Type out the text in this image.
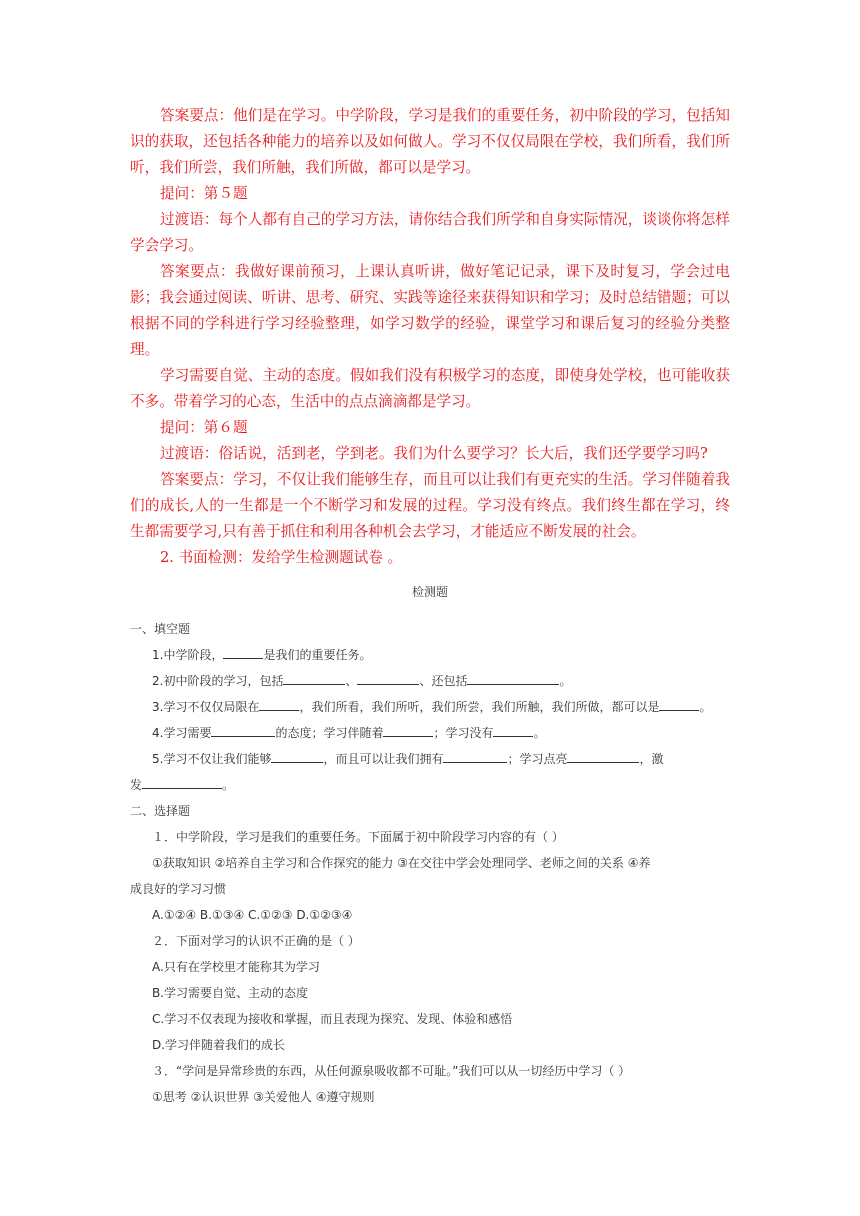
答案要点：他们是在学习。中学阶段，学习是我们的重要任务，初中阶段的学习，包括知识的获取，还包括各种能力的培养以及如何做人。学习不仅仅局限在学校，我们所看，我们所听，我们所尝，我们所触，我们所做，都可以是学习。

提问：第５题

过渡语：每个人都有自己的学习方法，请你结合我们所学和自身实际情况，谈谈你将怎样学会学习。

答案要点：我做好课前预习，上课认真听讲，做好笔记记录，课下及时复习，学会过电影；我会通过阅读、听讲、思考、研究、实践等途径来获得知识和学习；及时总结错题；可以根据不同的学科进行学习经验整理，如学习数学的经验，课堂学习和课后复习的经验分类整理。

学习需要自觉、主动的态度。假如我们没有积极学习的态度，即使身处学校，也可能收获不多。带着学习的心态，生活中的点点滴滴都是学习。

提问：第６题

过渡语：俗话说，活到老，学到老。我们为什么要学习？长大后，我们还学要学习吗?

答案要点：学习，不仅让我们能够生存，而且可以让我们有更充实的生活。学习伴随着我们的成长,人的一生都是一个不断学习和发展的过程。学习没有终点。我们终生都在学习，终生都需要学习,只有善于抓住和利用各种机会去学习，才能适应不断发展的社会。

2. 书面检测：发给学生检测题试卷 。

检测题

一、填空题

1.中学阶段，	是我们的重要任务。

2.初中阶段的学习，包括	、	、还包括	。

3.学习不仅仅局限在	，我们所看，我们所听，我们所尝，我们所触，我们所做，都可以是	。

4.学习需要	的态度；学习伴随着	；学习没有	。

5.学习不仅让我们能够	，而且可以让我们拥有	；学习点亮	，激

发	。

二、选择题

１．中学阶段，学习是我们的重要任务。下面属于初中阶段学习内容的有（ ）

①获取知识 ②培养自主学习和合作探究的能力 ③在交往中学会处理同学、老师之间的关系 ④养

成良好的学习习惯

A.①②④ B.①③④ C.①②③ D.①②③④

２．下面对学习的认识不正确的是（ ）

A.只有在学校里才能称其为学习

B.学习需要自觉、主动的态度

C.学习不仅表现为接收和掌握，而且表现为探究、发现、体验和感悟

D.学习伴随着我们的成长

３．“学问是异常珍贵的东西，从任何源泉吸收都不可耻。”我们可以从一切经历中学习（ ）

①思考 ②认识世界 ③关爱他人 ④遵守规则
